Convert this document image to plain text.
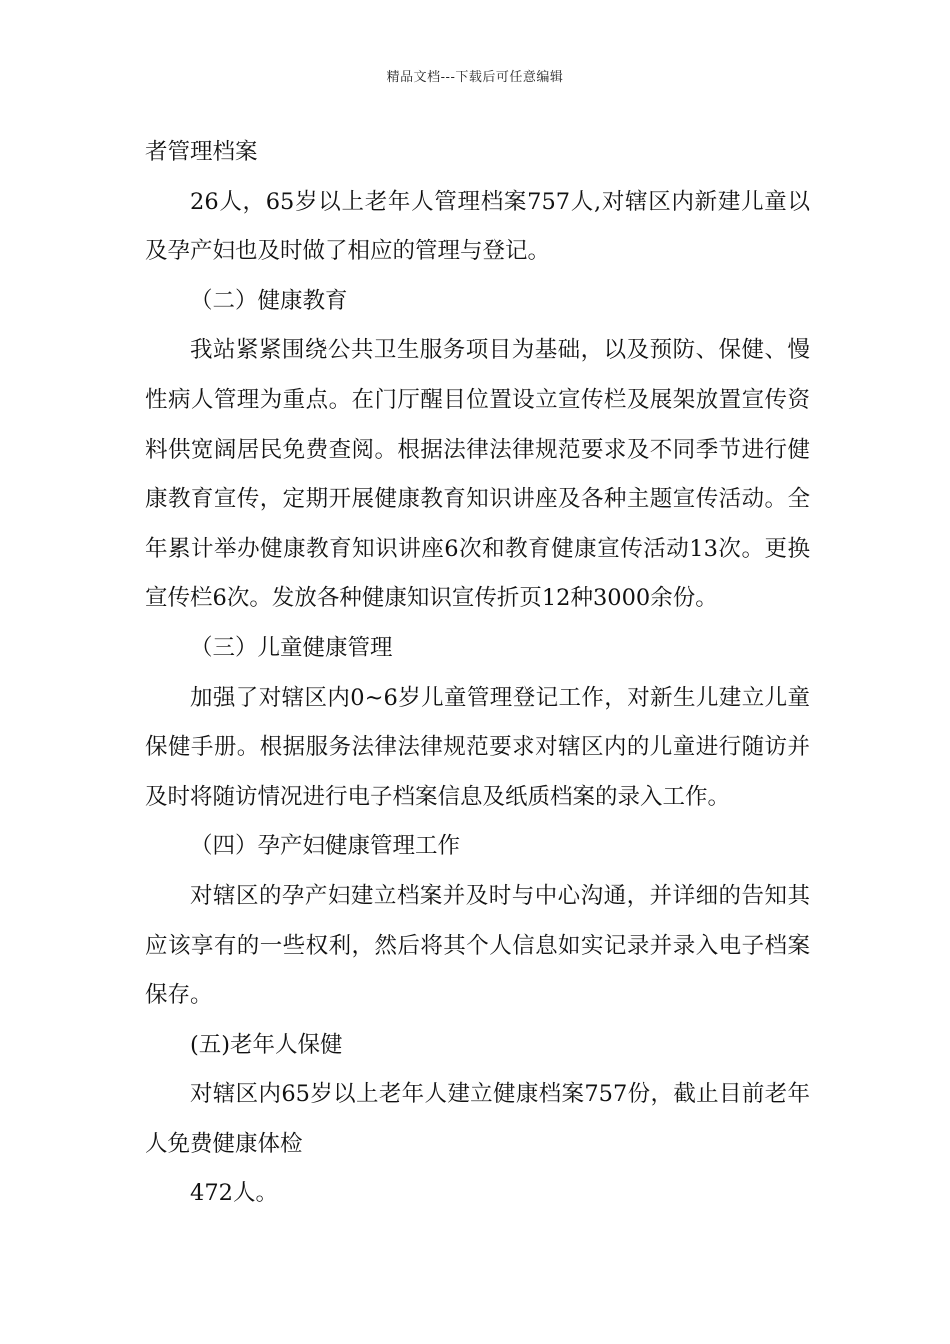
精品文档---下载后可任意编辑

者管理档案

26人，65岁以上老年人管理档案757人,对辖区内新建儿童以及孕产妇也及时做了相应的管理与登记。

（二）健康教育

我站紧紧围绕公共卫生服务项目为基础，以及预防、保健、慢性病人管理为重点。在门厅醒目位置设立宣传栏及展架放置宣传资料供宽阔居民免费查阅。根据法律法律规范要求及不同季节进行健康教育宣传，定期开展健康教育知识讲座及各种主题宣传活动。全年累计举办健康教育知识讲座6次和教育健康宣传活动13次。更换宣传栏6次。发放各种健康知识宣传折页12种3000余份。

（三）儿童健康管理

加强了对辖区内0~6岁儿童管理登记工作，对新生儿建立儿童保健手册。根据服务法律法律规范要求对辖区内的儿童进行随访并及时将随访情况进行电子档案信息及纸质档案的录入工作。

（四）孕产妇健康管理工作

对辖区的孕产妇建立档案并及时与中心沟通，并详细的告知其应该享有的一些权利，然后将其个人信息如实记录并录入电子档案保存。

(五)老年人保健

对辖区内65岁以上老年人建立健康档案757份，截止目前老年人免费健康体检

472人。
